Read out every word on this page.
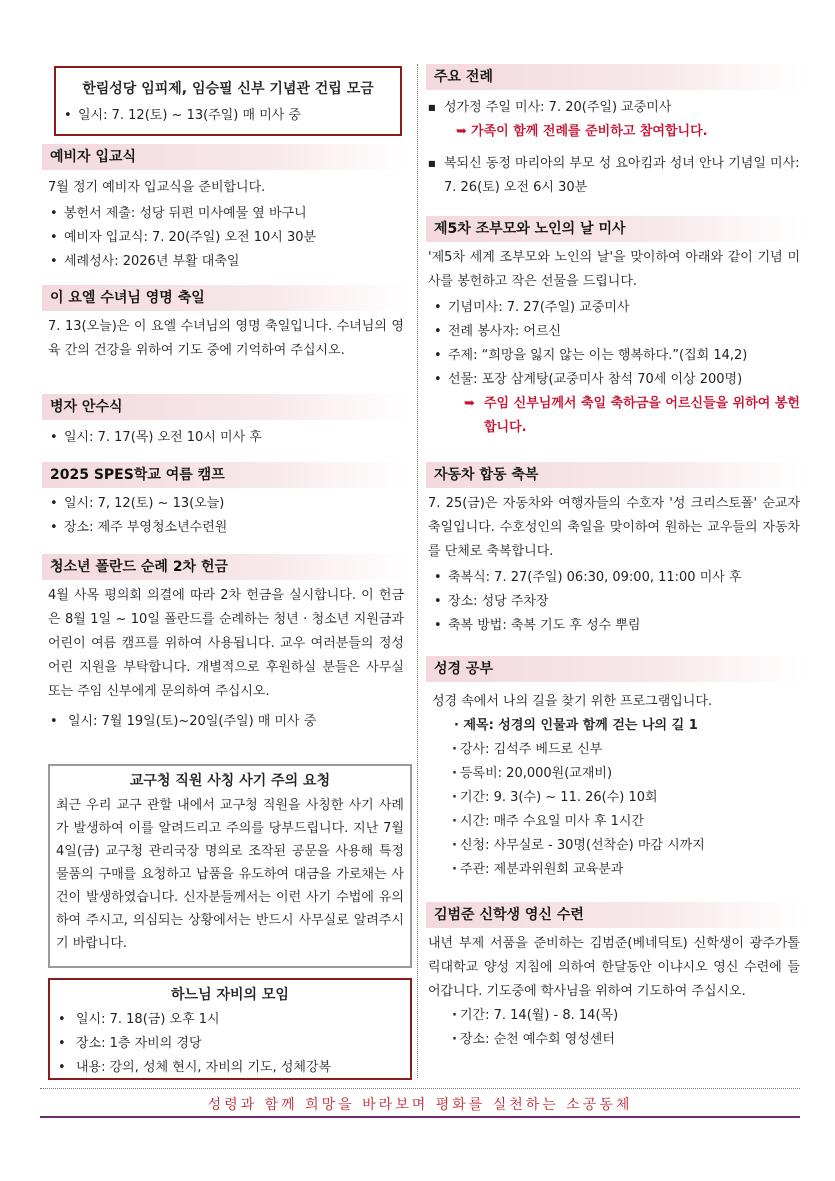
한림성당 임피제, 임승필 신부 기념관 건립 모금
• 일시: 7. 12(토) ~ 13(주일) 매 미사 중
예비자 입교식

7월 정기 예비자 입교식을 준비합니다.

• 봉헌서 제출: 성당 뒤편 미사예물 옆 바구니
• 예비자 입교식: 7. 20(주일) 오전 10시 30분
• 세례성사: 2026년 부활 대축일
이 요엘 수녀님 영명 축일

7. 13(오늘)은 이 요엘 수녀님의 영명 축일입니다. 수녀님의 영육 간의 건강을 위하여 기도 중에 기억하여 주십시오.

병자 안수식
• 일시: 7. 17(목) 오전 10시 미사 후
2025 SPES학교 여름 캠프
• 일시: 7, 12(토) ~ 13(오늘)
• 장소: 제주 부영청소년수련원
청소년 폴란드 순례 2차 헌금

4월 사목 평의회 의결에 따라 2차 헌금을 실시합니다. 이 헌금은 8월 1일 ~ 10일 폴란드를 순례하는 청년 · 청소년 지원금과 어린이 여름 캠프를 위하여 사용됩니다. 교우 여러분들의 정성 어린 지원을 부탁합니다. 개별적으로 후원하실 분들은 사무실 또는 주임 신부에게 문의하여 주십시오.

• 일시: 7월 19일(토)~20일(주일) 매 미사 중
교구청 직원 사칭 사기 주의 요청

최근 우리 교구 관할 내에서 교구청 직원을 사칭한 사기 사례가 발생하여 이를 알려드리고 주의를 당부드립니다. 지난 7월 4일(금) 교구청 관리국장 명의로 조작된 공문을 사용해 특정 물품의 구매를 요청하고 납품을 유도하여 대금을 가로채는 사건이 발생하였습니다. 신자분들께서는 이런 사기 수법에 유의하여 주시고, 의심되는 상황에서는 반드시 사무실로 알려주시기 바랍니다.

하느님 자비의 모임
• 일시: 7. 18(금) 오후 1시
• 장소: 1층 자비의 경당
• 내용: 강의, 성체 현시, 자비의 기도, 성체강복
주요 전례
■ 성가정 주일 미사: 7. 20(주일) 교중미사
➥ 가족이 함께 전례를 준비하고 참여합니다.
■ 복되신 동정 마리아의 부모 성 요아킴과 성녀 안나 기념일 미사: 7. 26(토) 오전 6시 30분
제5차 조부모와 노인의 날 미사

'제5차 세계 조부모와 노인의 날'을 맞이하여 아래와 같이 기념 미사를 봉헌하고 작은 선물을 드립니다.

• 기념미사: 7. 27(주일) 교중미사
• 전례 봉사자: 어르신
• 주제: “희망을 잃지 않는 이는 행복하다.”(집회 14,2)
• 선물: 포장 삼계탕(교중미사 참석 70세 이상 200명)
➥ 주임 신부님께서 축일 축하금을 어르신들을 위하여 봉헌합니다.
자동차 합동 축복

7. 25(금)은 자동차와 여행자들의 수호자 '성 크리스토폴' 순교자 축일입니다. 수호성인의 축일을 맞이하여 원하는 교우들의 자동차를 단체로 축복합니다.

• 축복식: 7. 27(주일) 06:30, 09:00, 11:00 미사 후
• 장소: 성당 주차장
• 축복 방법: 축복 기도 후 성수 뿌림
성경 공부

성경 속에서 나의 길을 찾기 위한 프로그램입니다.

· 제목: 성경의 인물과 함께 걷는 나의 길 1
· 강사: 김석주 베드로 신부
· 등록비: 20,000원(교재비)
· 기간: 9. 3(수) ~ 11. 26(수) 10회
· 시간: 매주 수요일 미사 후 1시간
· 신청: 사무실로 - 30명(선착순) 마감 시까지
· 주관: 제분과위원회 교육분과
김범준 신학생 영신 수련

내년 부제 서품을 준비하는 김범준(베네딕토) 신학생이 광주가톨릭대학교 양성 지침에 의하여 한달동안 이냐시오 영신 수련에 들어갑니다. 기도중에 학사님을 위하여 기도하여 주십시오.

· 기간: 7. 14(월) - 8. 14(목)
· 장소: 순천 예수회 영성센터
성령과 함께 희망을 바라보며 평화를 실천하는 소공동체
